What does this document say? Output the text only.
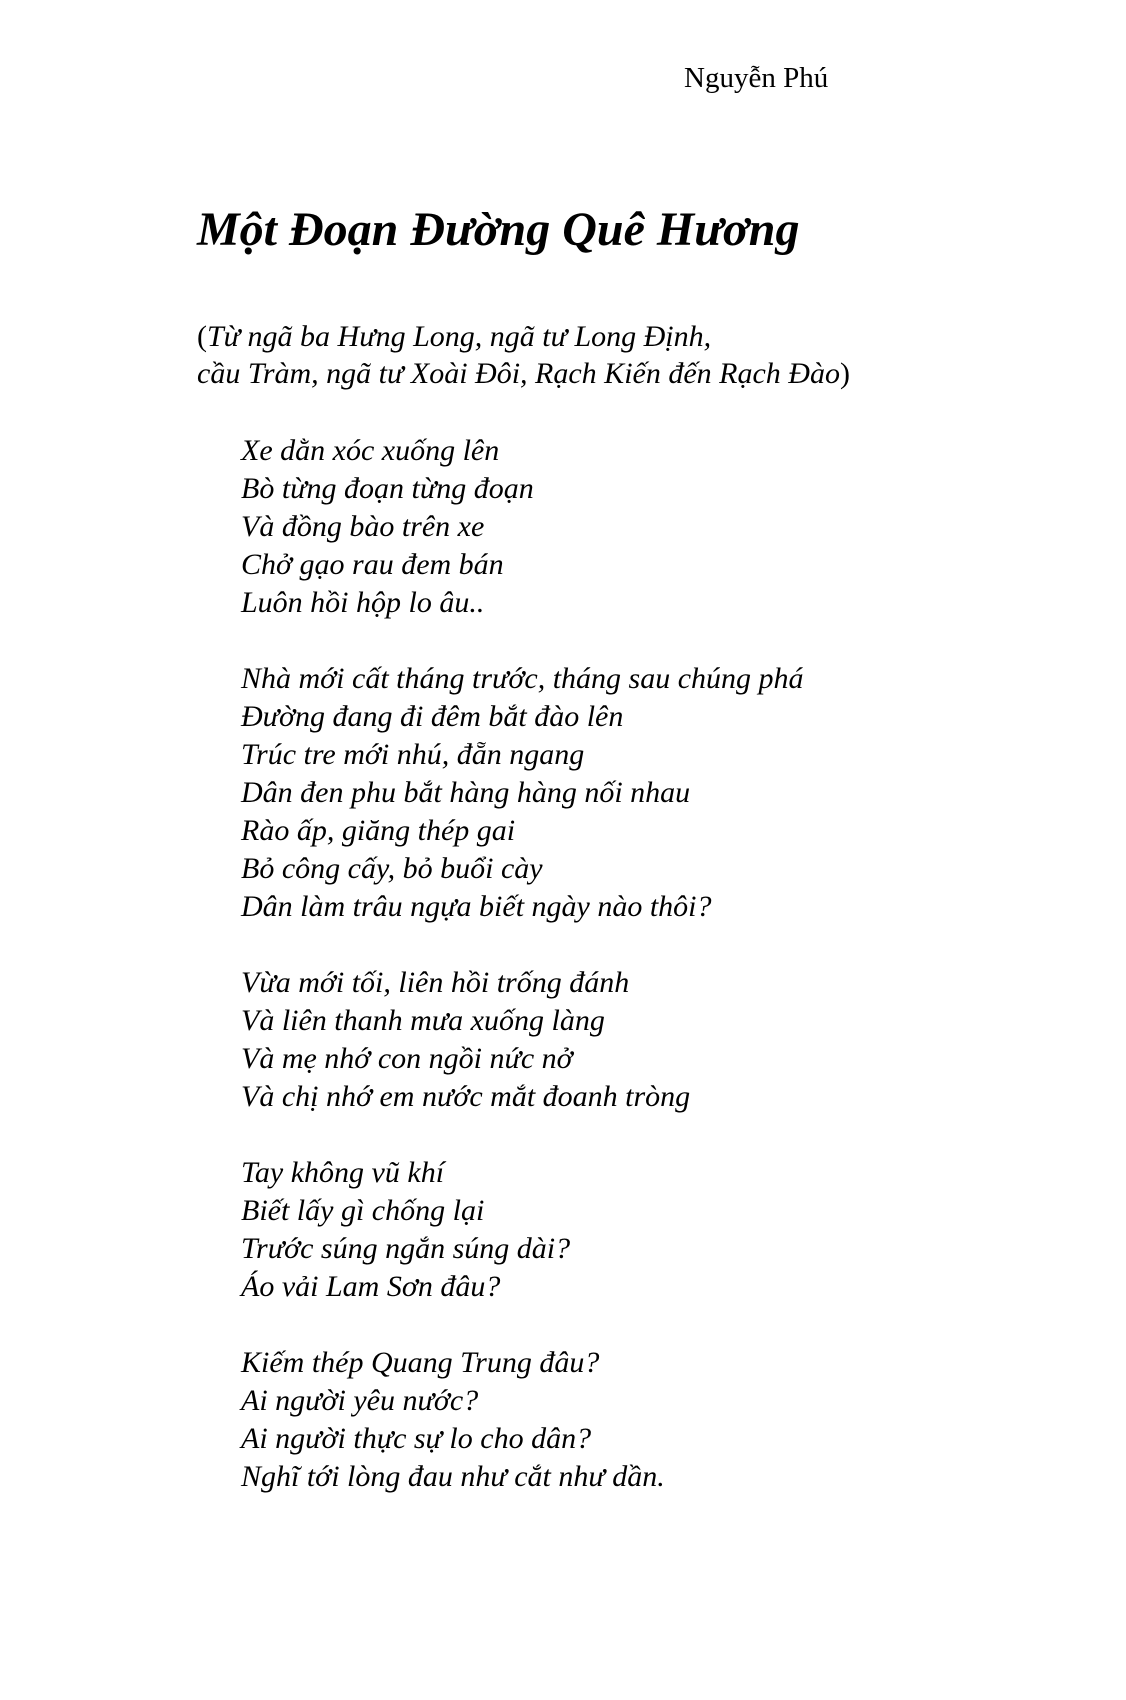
Nguyễn Phú
Một Đoạn Đường Quê Hương
(Từ ngã ba Hưng Long, ngã tư Long Định,
cầu Tràm, ngã tư Xoài Đôi, Rạch Kiến đến Rạch Đào)
Xe dằn xóc xuống lên
Bò từng đoạn từng đoạn
Và đồng bào trên xe
Chở gạo rau đem bán
Luôn hồi hộp lo âu..
Nhà mới cất tháng trước, tháng sau chúng phá
Đường đang đi đêm bắt đào lên
Trúc tre mới nhú, đẵn ngang
Dân đen phu bắt hàng hàng nối nhau
Rào ấp, giăng thép gai
Bỏ công cấy, bỏ buổi cày
Dân làm trâu ngựa biết ngày nào thôi?
Vừa mới tối, liên hồi trống đánh
Và liên thanh mưa xuống làng
Và mẹ nhớ con ngồi nức nở
Và chị nhớ em nước mắt đoanh tròng
Tay không vũ khí
Biết lấy gì chống lại
Trước súng ngắn súng dài?
Áo vải Lam Sơn đâu?
Kiếm thép Quang Trung đâu?
Ai người yêu nước?
Ai người thực sự lo cho dân?
Nghĩ tới lòng đau như cắt như dần.
